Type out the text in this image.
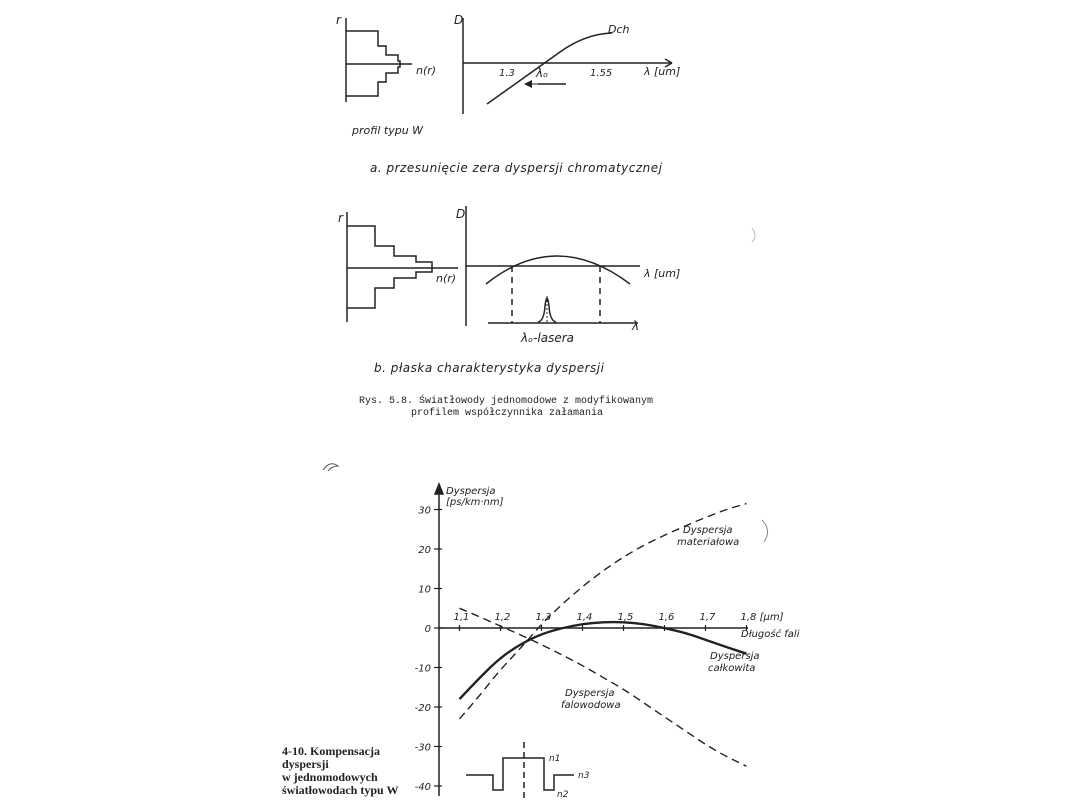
r
n(r)
D
Dch
1.3	1.55
λₒ	λ [um]
profil typu W
a. przesunięcie zera dyspersji chromatycznej
r
n(r)
D
λ [um]
λ
λₒ-lasera
b. płaska charakterystyka dyspersji
Rys. 5.8. Światłowody jednomodowe z modyfikowanym
profilem współczynnika załamania
Dyspersja
[ps/km·nm]
Długość fali
30
20
10
0
-10
-20
-30
-40
1,1	1,2	1,3	1,4	1,5	1,6	1,7	1,8 [µm]
Dyspersja
materiałowa
Dyspersja
falowodowa
Dyspersja
całkowita
n1
n2
n3
4-10. Kompensacja
dyspersji
w jednomodowych
światłowodach typu W
